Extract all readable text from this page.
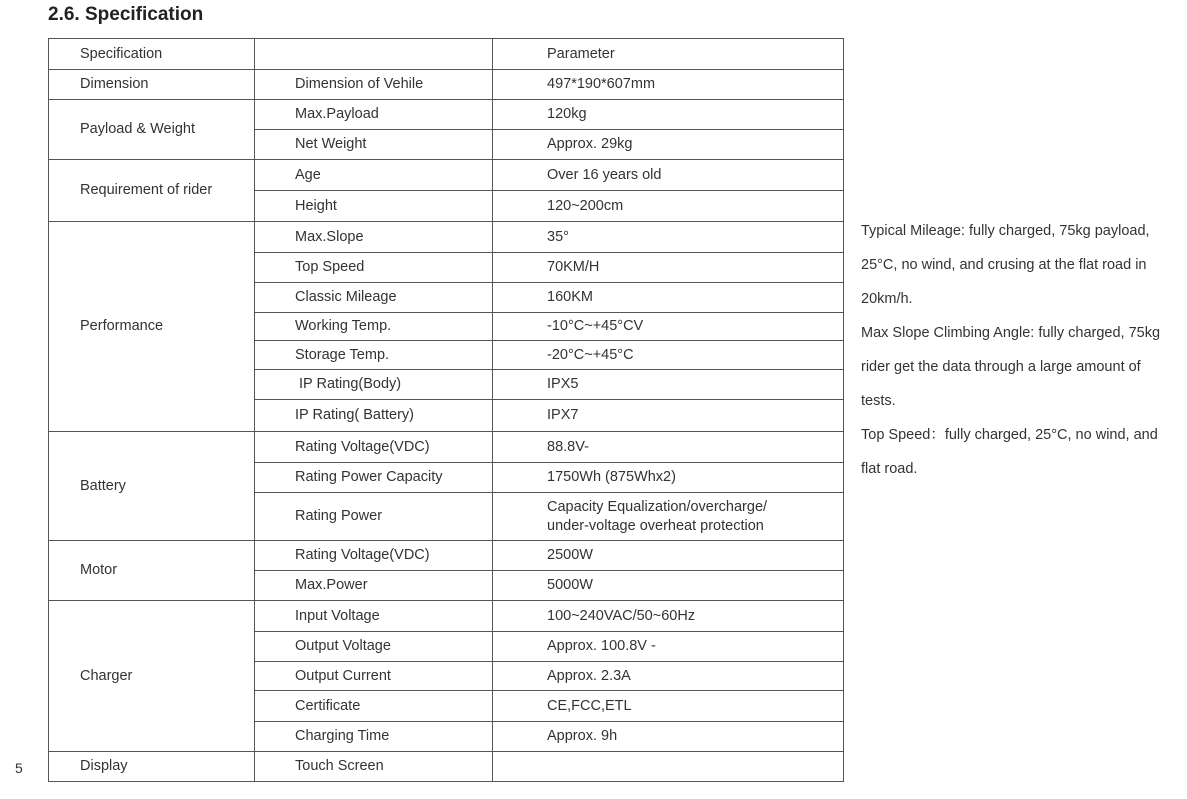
2.6. Specification
Specification		Parameter
Dimension	Dimension of Vehile	497*190*607mm
Payload & Weight	Max.Payload	120kg
	Net Weight	Approx. 29kg
Requirement of rider	Age	Over 16 years old
	Height	120~200cm
Performance	Max.Slope	35°
	Top Speed	70KM/H
	Classic Mileage	160KM
	Working Temp.	-10°C~+45°CV
	Storage Temp.	-20°C~+45°C
	IP Rating(Body)	IPX5
	IP Rating( Battery)	IPX7
Battery	Rating Voltage(VDC)	88.8V-
	Rating Power Capacity	1750Wh (875Whx2)
	Rating Power	Capacity Equalization/overcharge/
under-voltage overheat protection
Motor	Rating Voltage(VDC)	2500W
	Max.Power	5000W
Charger	Input Voltage	100~240VAC/50~60Hz
	Output Voltage	Approx. 100.8V -
	Output Current	Approx. 2.3A
	Certificate	CE,FCC,ETL
	Charging Time	Approx. 9h
Display	Touch Screen	
Typical Mileage: fully charged, 75kg payload, 25°C, no wind, and crusing at the flat road in 20km/h.
Max Slope Climbing Angle: fully charged, 75kg rider get the data through a large amount of tests.
Top Speed：fully charged, 25°C, no wind, and flat road.
5
